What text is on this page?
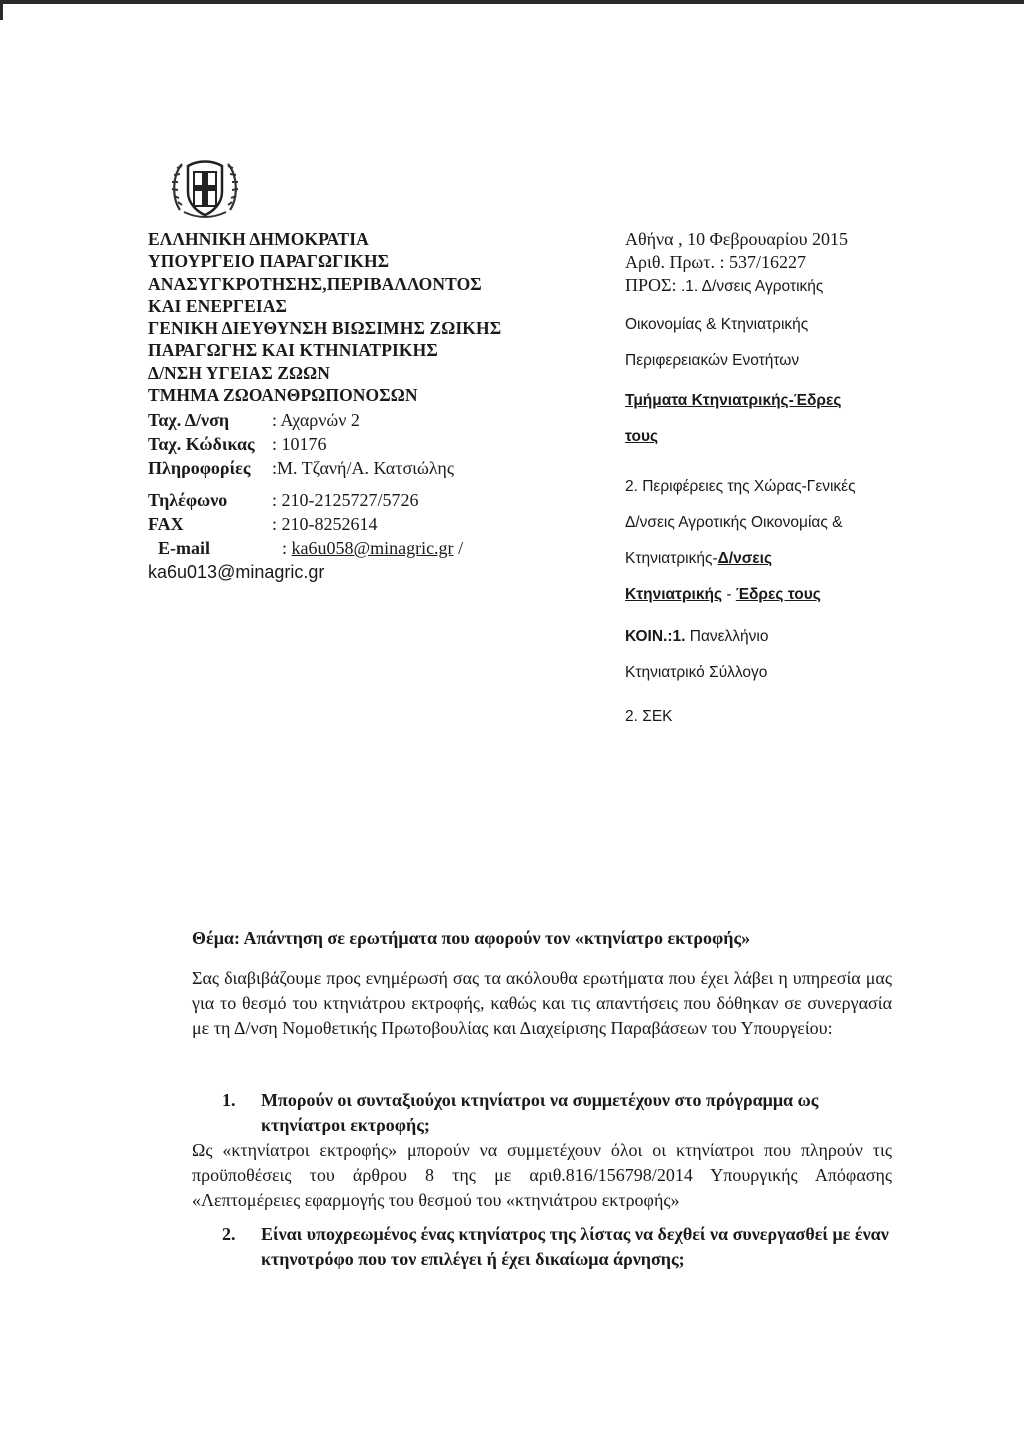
ΕΛΛΗΝΙΚΗ ΔΗΜΟΚΡΑΤΙΑ
ΥΠΟΥΡΓΕΙΟ ΠΑΡΑΓΩΓΙΚΗΣ
ΑΝΑΣΥΓΚΡΟΤΗΣΗΣ,ΠΕΡΙΒΑΛΛΟΝΤΟΣ
ΚΑΙ ΕΝΕΡΓΕΙΑΣ
ΓΕΝΙΚΗ ΔΙΕΥΘΥΝΣΗ ΒΙΩΣΙΜΗΣ ΖΩΙΚΗΣ
ΠΑΡΑΓΩΓΗΣ ΚΑΙ ΚΤΗΝΙΑΤΡΙΚΗΣ
Δ/ΝΣΗ ΥΓΕΙΑΣ ΖΩΩΝ
ΤΜΗΜΑ ΖΩΟΑΝΘΡΩΠΟΝΟΣΩΝ
Ταχ. Δ/νση : Αχαρνών 2
Ταχ. Κώδικας : 10176
Πληροφορίες :Μ. Τζανή/Α. Κατσιώλης
Τηλέφωνο : 210-2125727/5726
FAX	: 210-8252614
E-mail	: ka6u058@minagric.gr /
ka6u013@minagric.gr
Αθήνα , 10 Φεβρουαρίου 2015
Αριθ. Πρωτ. : 537/16227
ΠΡΟΣ: .1. Δ/νσεις Αγροτικής
Οικονομίας & Κτηνιατρικής
Περιφερειακών Ενοτήτων
Τμήματα Κτηνιατρικής-Έδρες
τους
2. Περιφέρειες της Χώρας-Γενικές
Δ/νσεις Αγροτικής Οικονομίας &
Κτηνιατρικής-Δ/νσεις
Κτηνιατρικής - Έδρες τους
ΚΟΙΝ.:1. Πανελλήνιο
Κτηνιατρικό Σύλλογο
2. ΣΕΚ
Θέμα: Απάντηση σε ερωτήματα που αφορούν τον «κτηνίατρο εκτροφής»
Σας διαβιβάζουμε προς ενημέρωσή σας τα ακόλουθα ερωτήματα που έχει λάβει η υπηρεσία μας για το θεσμό του κτηνιάτρου εκτροφής, καθώς και τις απαντήσεις που δόθηκαν σε συνεργασία με τη Δ/νση Νομοθετικής Πρωτοβουλίας και Διαχείρισης Παραβάσεων του Υπουργείου:
1. Μπορούν οι συνταξιούχοι κτηνίατροι να συμμετέχουν στο πρόγραμμα ως κτηνίατροι εκτροφής;
Ως «κτηνίατροι εκτροφής» μπορούν να συμμετέχουν όλοι οι κτηνίατροι που πληρούν τις προϋποθέσεις του άρθρου 8 της με αριθ.816/156798/2014 Υπουργικής Απόφασης «Λεπτομέρειες εφαρμογής του θεσμού του «κτηνιάτρου εκτροφής»
2. Είναι υποχρεωμένος ένας κτηνίατρος της λίστας να δεχθεί να συνεργασθεί με έναν κτηνοτρόφο που τον επιλέγει ή έχει δικαίωμα άρνησης;
